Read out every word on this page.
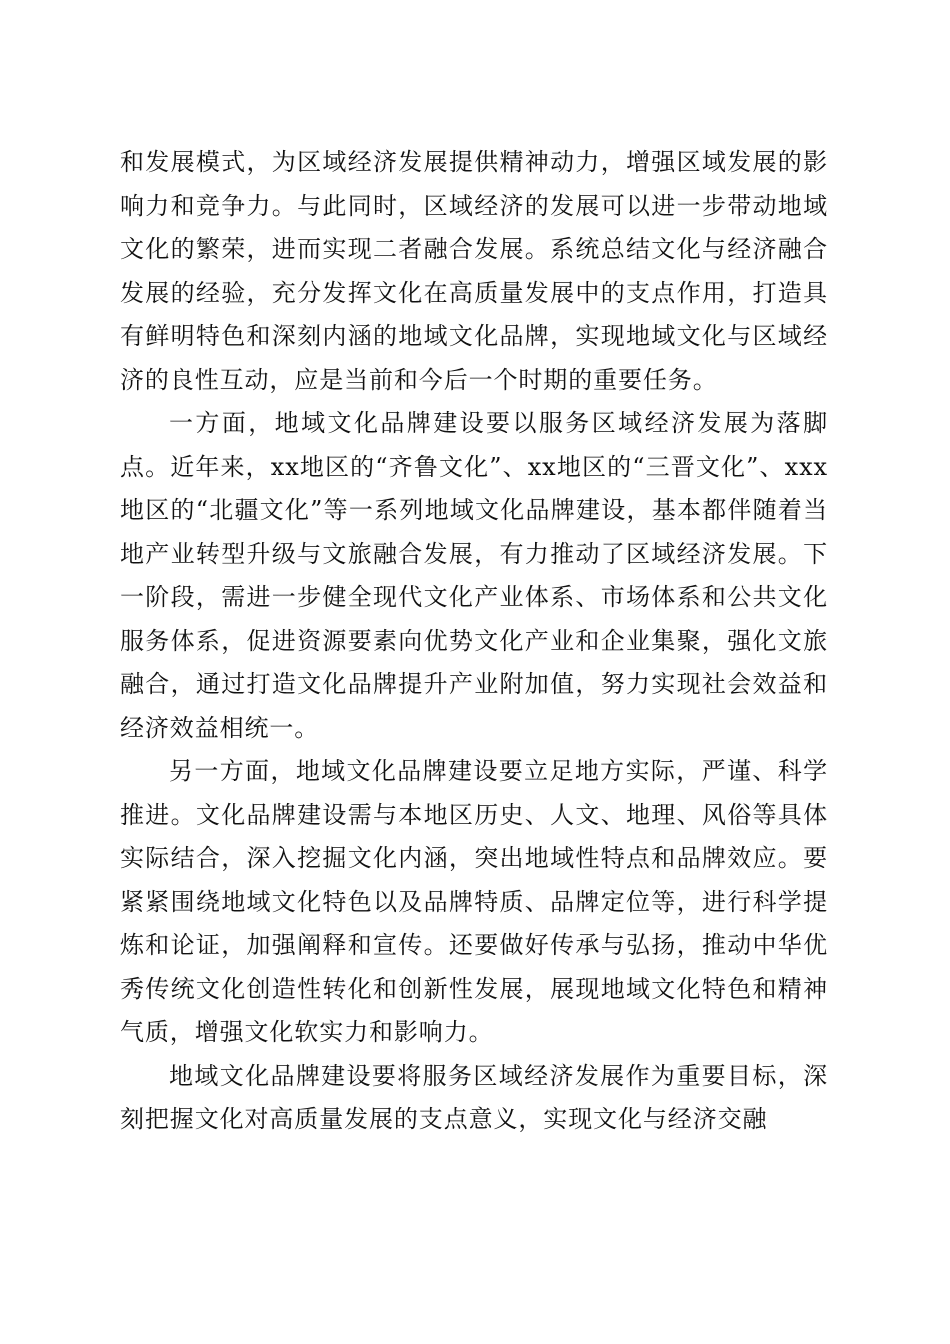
和发展模式，为区域经济发展提供精神动力，增强区域发展的影响力和竞争力。与此同时，区域经济的发展可以进一步带动地域文化的繁荣，进而实现二者融合发展。系统总结文化与经济融合发展的经验，充分发挥文化在高质量发展中的支点作用，打造具有鲜明特色和深刻内涵的地域文化品牌，实现地域文化与区域经济的良性互动，应是当前和今后一个时期的重要任务。

一方面，地域文化品牌建设要以服务区域经济发展为落脚点。近年来，xx地区的“齐鲁文化”、xx地区的“三晋文化”、xxx地区的“北疆文化”等一系列地域文化品牌建设，基本都伴随着当地产业转型升级与文旅融合发展，有力推动了区域经济发展。下一阶段，需进一步健全现代文化产业体系、市场体系和公共文化服务体系，促进资源要素向优势文化产业和企业集聚，强化文旅融合，通过打造文化品牌提升产业附加值，努力实现社会效益和经济效益相统一。

另一方面，地域文化品牌建设要立足地方实际，严谨、科学推进。文化品牌建设需与本地区历史、人文、地理、风俗等具体实际结合，深入挖掘文化内涵，突出地域性特点和品牌效应。要紧紧围绕地域文化特色以及品牌特质、品牌定位等，进行科学提炼和论证，加强阐释和宣传。还要做好传承与弘扬，推动中华优秀传统文化创造性转化和创新性发展，展现地域文化特色和精神气质，增强文化软实力和影响力。

地域文化品牌建设要将服务区域经济发展作为重要目标，深刻把握文化对高质量发展的支点意义，实现文化与经济交融
